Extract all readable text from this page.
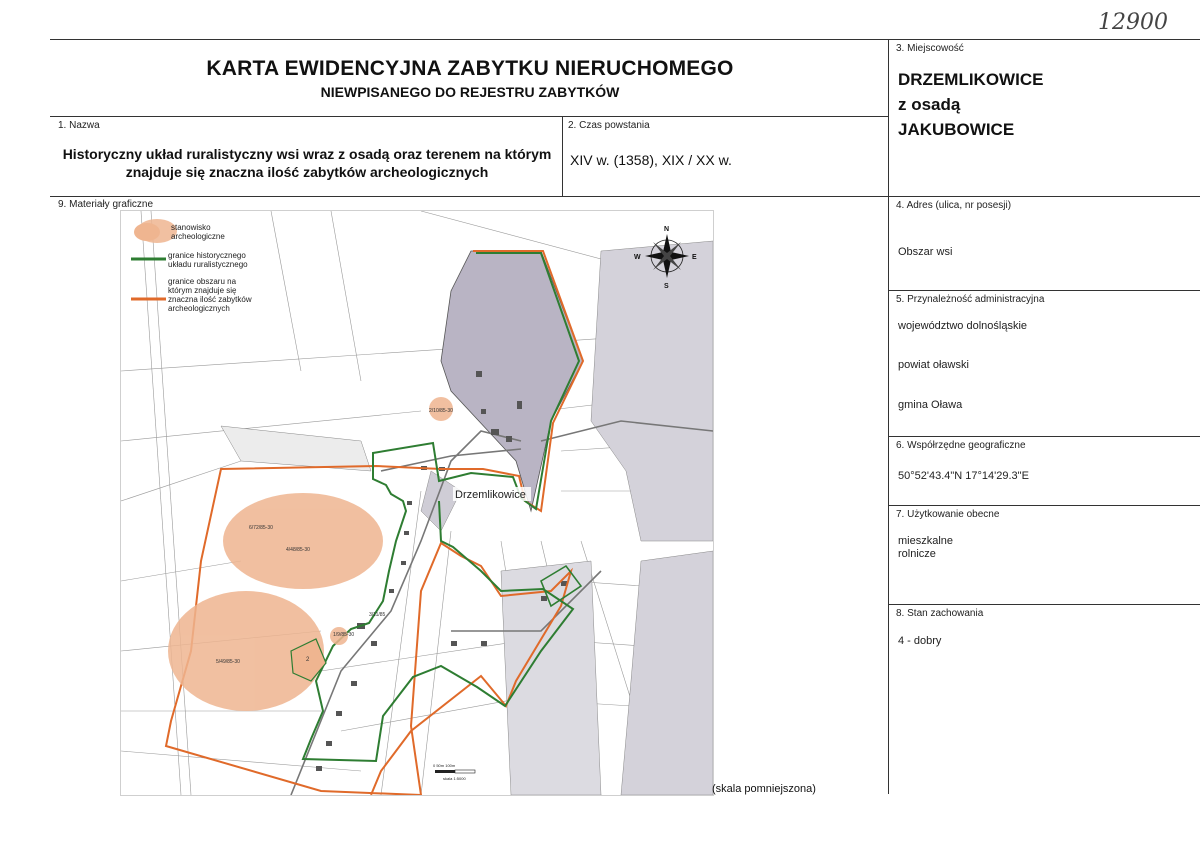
12900
KARTA EWIDENCYJNA ZABYTKU NIERUCHOMEGO
NIEWPISANEGO DO REJESTRU ZABYTKÓW
3. Miejscowość
DRZEMLIKOWICE
z osadą
JAKUBOWICE
1. Nazwa
Historyczny układ ruralistyczny wsi wraz z osadą oraz terenem na którym znajduje się znaczna ilość zabytków archeologicznych
2. Czas powstania
XIV w. (1358), XIX / XX w.
9. Materiały graficzne	4. Adres (ulica, nr posesji)
Obszar wsi
5. Przynależność administracyjna
województwo dolnośląskie
powiat oławski
gmina Oława
6. Współrzędne geograficzne
50°52'43.4"N 17°14'29.3"E
7. Użytkowanie obecne
mieszkalne
rolnicze
8. Stan zachowania
4 - dobry
6/72/85-30
4/48/85-30
5/49/85-30
2/10/85-30
3/11/85
1/9/85-30
2
Drzemlikowice
stanowisko
archeologiczne
granice historycznego
układu ruralistycznego
granice obszaru na
którym znajduje się
znaczna ilość zabytków
archeologicznych
N
S
E
W
0 50m 100m
skala 1:5000
(skala pomniejszona)
